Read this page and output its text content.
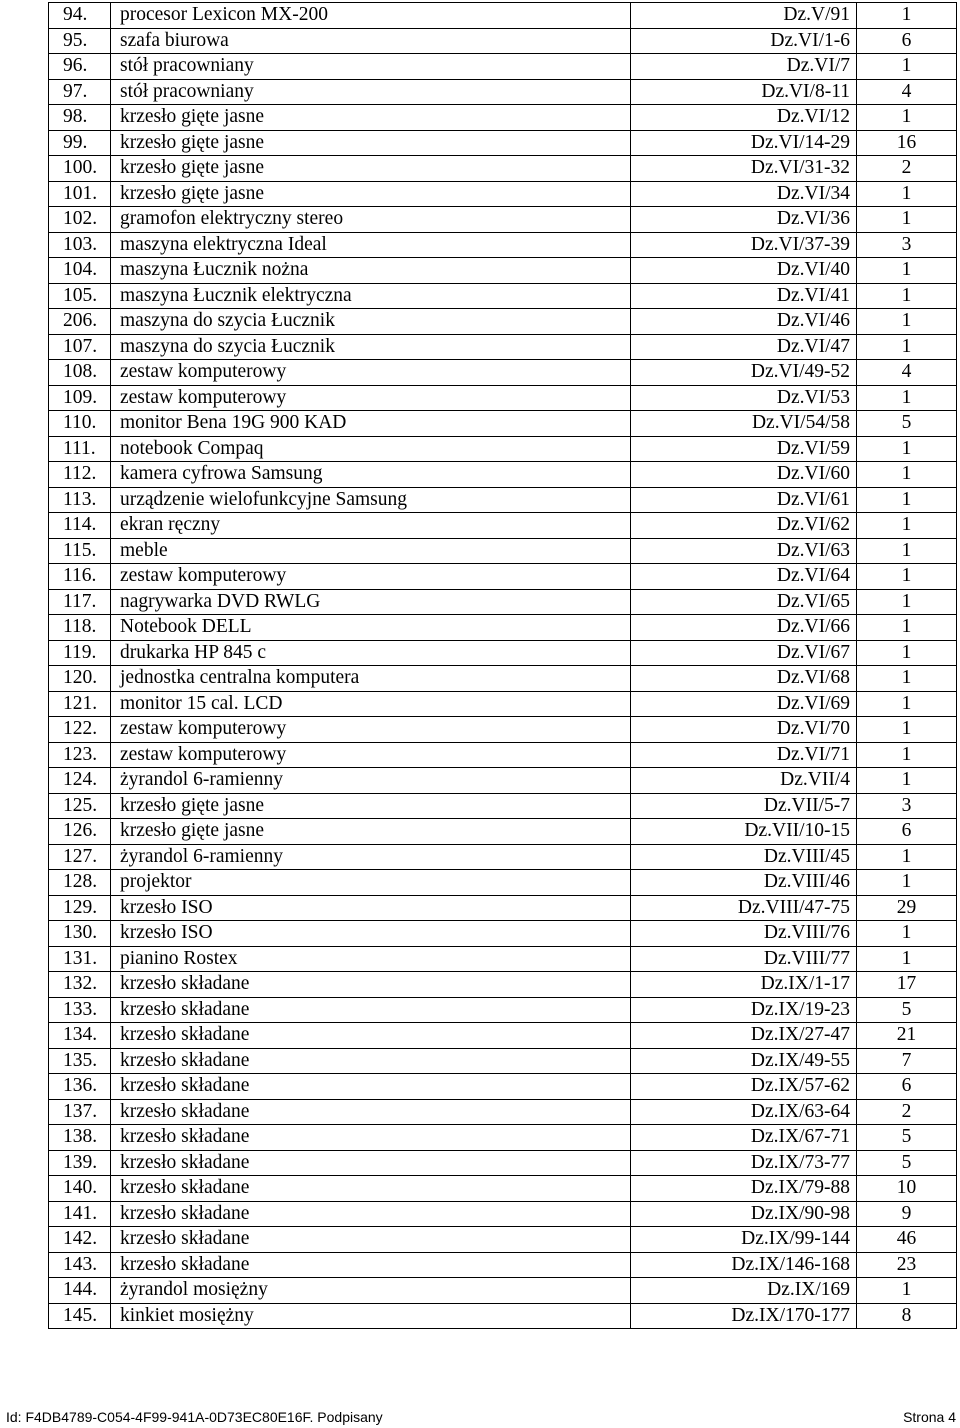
94.	procesor Lexicon MX-200	Dz.V/91	1
95.	szafa biurowa	Dz.VI/1-6	6
96.	stół pracowniany	Dz.VI/7	1
97.	stół pracowniany	Dz.VI/8-11	4
98.	krzesło gięte jasne	Dz.VI/12	1
99.	krzesło gięte jasne	Dz.VI/14-29	16
100.	krzesło gięte jasne	Dz.VI/31-32	2
101.	krzesło gięte jasne	Dz.VI/34	1
102.	gramofon elektryczny stereo	Dz.VI/36	1
103.	maszyna elektryczna Ideal	Dz.VI/37-39	3
104.	maszyna Łucznik nożna	Dz.VI/40	1
105.	maszyna Łucznik elektryczna	Dz.VI/41	1
206.	maszyna do szycia Łucznik	Dz.VI/46	1
107.	maszyna do szycia Łucznik	Dz.VI/47	1
108.	zestaw komputerowy	Dz.VI/49-52	4
109.	zestaw komputerowy	Dz.VI/53	1
110.	monitor Bena 19G 900 KAD	Dz.VI/54/58	5
111.	notebook Compaq	Dz.VI/59	1
112.	kamera cyfrowa Samsung	Dz.VI/60	1
113.	urządzenie wielofunkcyjne Samsung	Dz.VI/61	1
114.	ekran ręczny	Dz.VI/62	1
115.	meble	Dz.VI/63	1
116.	zestaw komputerowy	Dz.VI/64	1
117.	nagrywarka DVD RWLG	Dz.VI/65	1
118.	Notebook DELL	Dz.VI/66	1
119.	drukarka HP 845 c	Dz.VI/67	1
120.	jednostka centralna komputera	Dz.VI/68	1
121.	monitor 15 cal. LCD	Dz.VI/69	1
122.	zestaw komputerowy	Dz.VI/70	1
123.	zestaw komputerowy	Dz.VI/71	1
124.	żyrandol 6-ramienny	Dz.VII/4	1
125.	krzesło gięte jasne	Dz.VII/5-7	3
126.	krzesło gięte jasne	Dz.VII/10-15	6
127.	żyrandol 6-ramienny	Dz.VIII/45	1
128.	projektor	Dz.VIII/46	1
129.	krzesło ISO	Dz.VIII/47-75	29
130.	krzesło ISO	Dz.VIII/76	1
131.	pianino Rostex	Dz.VIII/77	1
132.	krzesło składane	Dz.IX/1-17	17
133.	krzesło składane	Dz.IX/19-23	5
134.	krzesło składane	Dz.IX/27-47	21
135.	krzesło składane	Dz.IX/49-55	7
136.	krzesło składane	Dz.IX/57-62	6
137.	krzesło składane	Dz.IX/63-64	2
138.	krzesło składane	Dz.IX/67-71	5
139.	krzesło składane	Dz.IX/73-77	5
140.	krzesło składane	Dz.IX/79-88	10
141.	krzesło składane	Dz.IX/90-98	9
142.	krzesło składane	Dz.IX/99-144	46
143.	krzesło składane	Dz.IX/146-168	23
144.	żyrandol mosiężny	Dz.IX/169	1
145.	kinkiet mosiężny	Dz.IX/170-177	8
Id: F4DB4789-C054-4F99-941A-0D73EC80E16F. Podpisany	Strona 4
